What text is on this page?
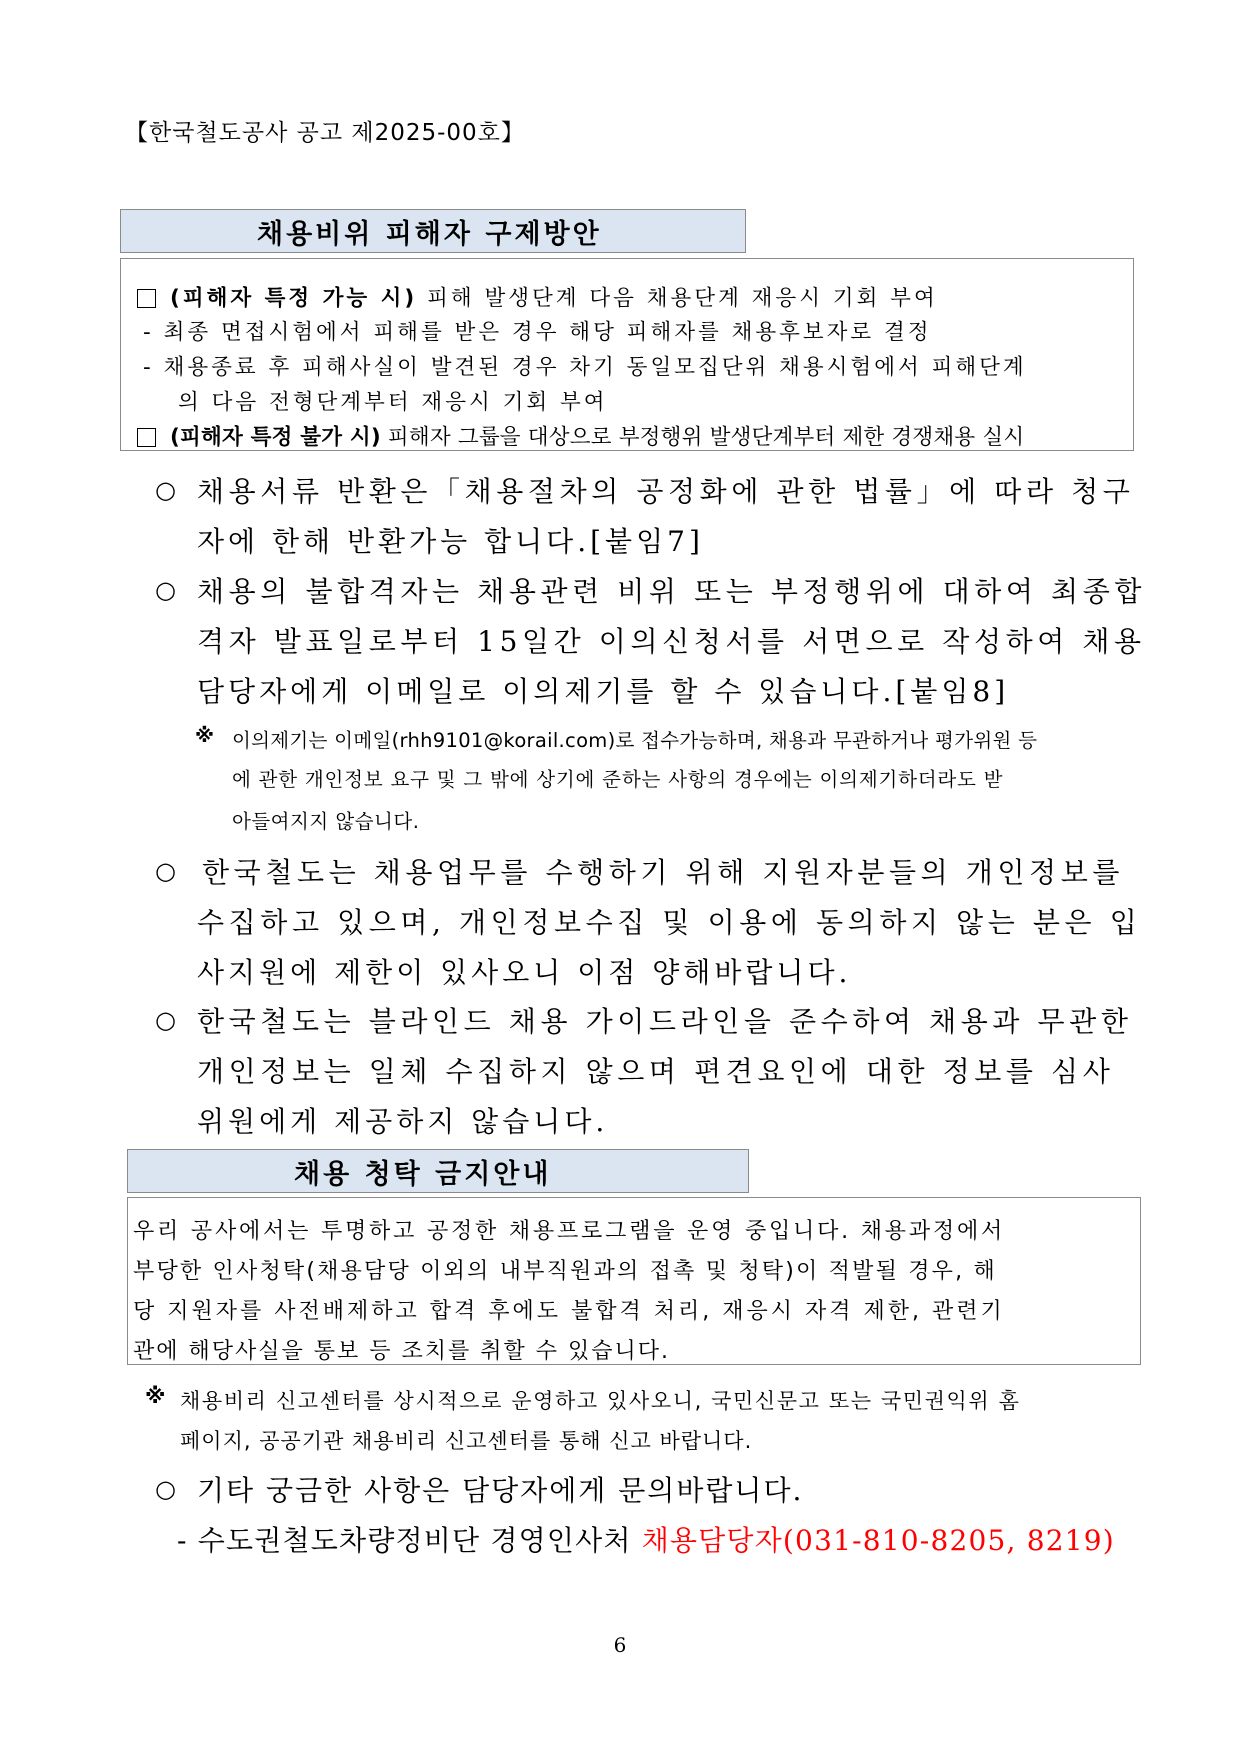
【한국철도공사 공고 제2025-00호】
채용비위 피해자 구제방안
(피해자 특정 가능 시) 피해 발생단계 다음 채용단계 재응시 기회 부여
- 최종 면접시험에서 피해를 받은 경우 해당 피해자를 채용후보자로 결정
- 채용종료 후 피해사실이 발견된 경우 차기 동일모집단위 채용시험에서 피해단계
의 다음 전형단계부터 재응시 기회 부여
(피해자 특정 불가 시) 피해자 그룹을 대상으로 부정행위 발생단계부터 제한 경쟁채용 실시
○ 채용서류 반환은「채용절차의 공정화에 관한 법률」에 따라 청구
자에 한해 반환가능 합니다.[붙임7]
○ 채용의 불합격자는 채용관련 비위 또는 부정행위에 대하여 최종합
격자 발표일로부터 15일간 이의신청서를 서면으로 작성하여 채용
담당자에게 이메일로 이의제기를 할 수 있습니다.[붙임8]
※ 이의제기는 이메일(rhh9101@korail.com)로 접수가능하며, 채용과 무관하거나 평가위원 등
에 관한 개인정보 요구 및 그 밖에 상기에 준하는 사항의 경우에는 이의제기하더라도 받
아들여지지 않습니다.
○ 한국철도는 채용업무를 수행하기 위해 지원자분들의 개인정보를
수집하고 있으며, 개인정보수집 및 이용에 동의하지 않는 분은 입
사지원에 제한이 있사오니 이점 양해바랍니다.
○ 한국철도는 블라인드 채용 가이드라인을 준수하여 채용과 무관한
개인정보는 일체 수집하지 않으며 편견요인에 대한 정보를 심사
위원에게 제공하지 않습니다.
채용 청탁 금지안내
우리 공사에서는 투명하고 공정한 채용프로그램을 운영 중입니다. 채용과정에서
부당한 인사청탁(채용담당 이외의 내부직원과의 접촉 및 청탁)이 적발될 경우, 해
당 지원자를 사전배제하고 합격 후에도 불합격 처리, 재응시 자격 제한, 관련기
관에 해당사실을 통보 등 조치를 취할 수 있습니다.
※ 채용비리 신고센터를 상시적으로 운영하고 있사오니, 국민신문고 또는 국민권익위 홈
페이지, 공공기관 채용비리 신고센터를 통해 신고 바랍니다.
○ 기타 궁금한 사항은 담당자에게 문의바랍니다.
- 수도권철도차량정비단 경영인사처 채용담당자(031-810-8205, 8219)
6
